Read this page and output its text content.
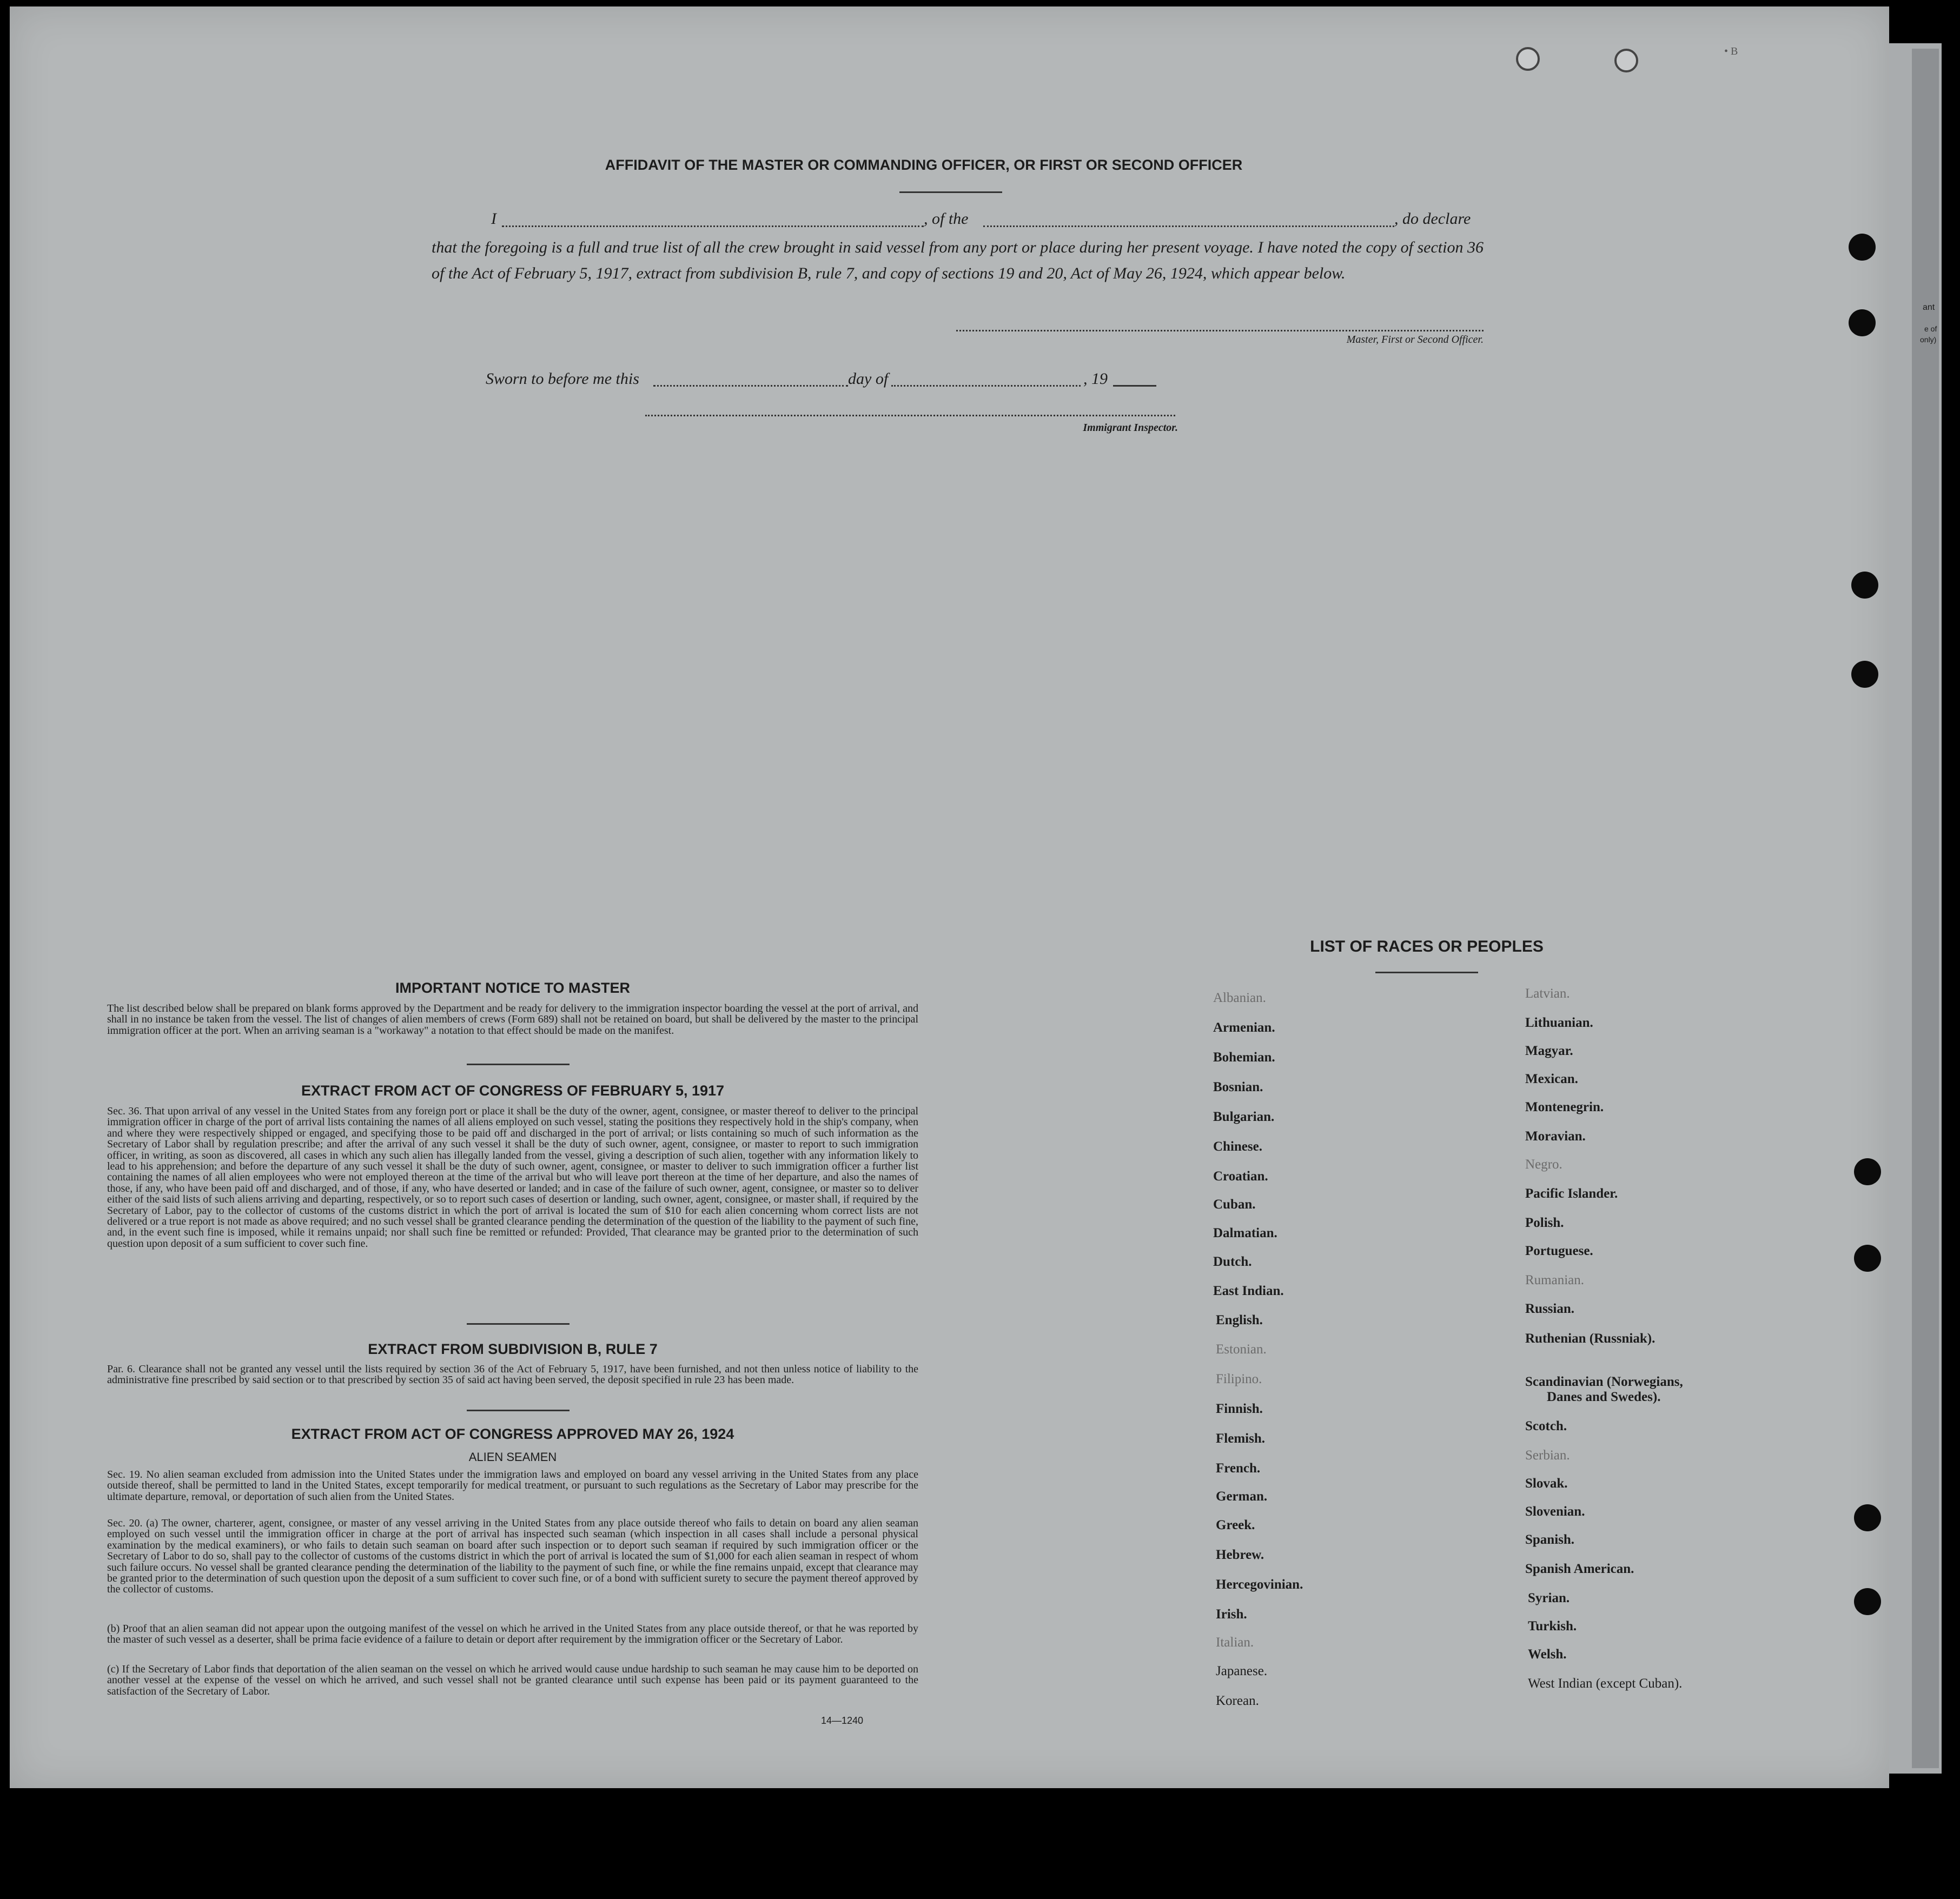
ant
e of
only)
• B
AFFIDAVIT OF THE MASTER OR COMMANDING OFFICER, OR FIRST OR SECOND OFFICER
I	, of the	, do declare
that the foregoing is a full and true list of all the crew brought in said vessel from any port or place during her present voyage. I have noted the copy of section 36 of the Act of February 5, 1917, extract from subdivision B, rule 7, and copy of sections 19 and 20, Act of May 26, 1924, which appear below.
Master, First or Second Officer.
Sworn to before me this	day of	, 19
Immigrant Inspector.
IMPORTANT NOTICE TO MASTER
The list described below shall be prepared on blank forms approved by the Department and be ready for delivery to the immigration inspector boarding the vessel at the port of arrival, and shall in no instance be taken from the vessel. The list of changes of alien members of crews (Form 689) shall not be retained on board, but shall be delivered by the master to the principal immigration officer at the port. When an arriving seaman is a "workaway" a notation to that effect should be made on the manifest.
EXTRACT FROM ACT OF CONGRESS OF FEBRUARY 5, 1917
Sec. 36. That upon arrival of any vessel in the United States from any foreign port or place it shall be the duty of the owner, agent, consignee, or master thereof to deliver to the principal immigration officer in charge of the port of arrival lists containing the names of all aliens employed on such vessel, stating the positions they respectively hold in the ship's company, when and where they were respectively shipped or engaged, and specifying those to be paid off and discharged in the port of arrival; or lists containing so much of such information as the Secretary of Labor shall by regulation prescribe; and after the arrival of any such vessel it shall be the duty of such owner, agent, consignee, or master to report to such immigration officer, in writing, as soon as discovered, all cases in which any such alien has illegally landed from the vessel, giving a description of such alien, together with any information likely to lead to his apprehension; and before the departure of any such vessel it shall be the duty of such owner, agent, consignee, or master to deliver to such immigration officer a further list containing the names of all alien employees who were not employed thereon at the time of the arrival but who will leave port thereon at the time of her departure, and also the names of those, if any, who have been paid off and discharged, and of those, if any, who have deserted or landed; and in case of the failure of such owner, agent, consignee, or master so to deliver either of the said lists of such aliens arriving and departing, respectively, or so to report such cases of desertion or landing, such owner, agent, consignee, or master shall, if required by the Secretary of Labor, pay to the collector of customs of the customs district in which the port of arrival is located the sum of $10 for each alien concerning whom correct lists are not delivered or a true report is not made as above required; and no such vessel shall be granted clearance pending the determination of the question of the liability to the payment of such fine, and, in the event such fine is imposed, while it remains unpaid; nor shall such fine be remitted or refunded: Provided, That clearance may be granted prior to the determination of such question upon deposit of a sum sufficient to cover such fine.
EXTRACT FROM SUBDIVISION B, RULE 7
Par. 6. Clearance shall not be granted any vessel until the lists required by section 36 of the Act of February 5, 1917, have been furnished, and not then unless notice of liability to the administrative fine prescribed by said section or to that prescribed by section 35 of said act having been served, the deposit specified in rule 23 has been made.
EXTRACT FROM ACT OF CONGRESS APPROVED MAY 26, 1924
ALIEN SEAMEN
Sec. 19. No alien seaman excluded from admission into the United States under the immigration laws and employed on board any vessel arriving in the United States from any place outside thereof, shall be permitted to land in the United States, except temporarily for medical treatment, or pursuant to such regulations as the Secretary of Labor may prescribe for the ultimate departure, removal, or deportation of such alien from the United States.
Sec. 20. (a) The owner, charterer, agent, consignee, or master of any vessel arriving in the United States from any place outside thereof who fails to detain on board any alien seaman employed on such vessel until the immigration officer in charge at the port of arrival has inspected such seaman (which inspection in all cases shall include a personal physical examination by the medical examiners), or who fails to detain such seaman on board after such inspection or to deport such seaman if required by such immigration officer or the Secretary of Labor to do so, shall pay to the collector of customs of the customs district in which the port of arrival is located the sum of $1,000 for each alien seaman in respect of whom such failure occurs. No vessel shall be granted clearance pending the determination of the liability to the payment of such fine, or while the fine remains unpaid, except that clearance may be granted prior to the determination of such question upon the deposit of a sum sufficient to cover such fine, or of a bond with sufficient surety to secure the payment thereof approved by the collector of customs.
(b) Proof that an alien seaman did not appear upon the outgoing manifest of the vessel on which he arrived in the United States from any place outside thereof, or that he was reported by the master of such vessel as a deserter, shall be prima facie evidence of a failure to detain or deport after requirement by the immigration officer or the Secretary of Labor.
(c) If the Secretary of Labor finds that deportation of the alien seaman on the vessel on which he arrived would cause undue hardship to such seaman he may cause him to be deported on another vessel at the expense of the vessel on which he arrived, and such vessel shall not be granted clearance until such expense has been paid or its payment guaranteed to the satisfaction of the Secretary of Labor.
14—1240
LIST OF RACES OR PEOPLES
Albanian.
Armenian.
Bohemian.
Bosnian.
Bulgarian.
Chinese.
Croatian.
Cuban.
Dalmatian.
Dutch.
East Indian.
English.
Estonian.
Filipino.
Finnish.
Flemish.
French.
German.
Greek.
Hebrew.
Hercegovinian.
Irish.
Italian.
Japanese.
Korean.
Latvian.
Lithuanian.
Magyar.
Mexican.
Montenegrin.
Moravian.
Negro.
Pacific Islander.
Polish.
Portuguese.
Rumanian.
Russian.
Ruthenian (Russniak).
Scandinavian (Norwegians,
Danes and Swedes).
Scotch.
Serbian.
Slovak.
Slovenian.
Spanish.
Spanish American.
Syrian.
Turkish.
Welsh.
West Indian (except Cuban).
